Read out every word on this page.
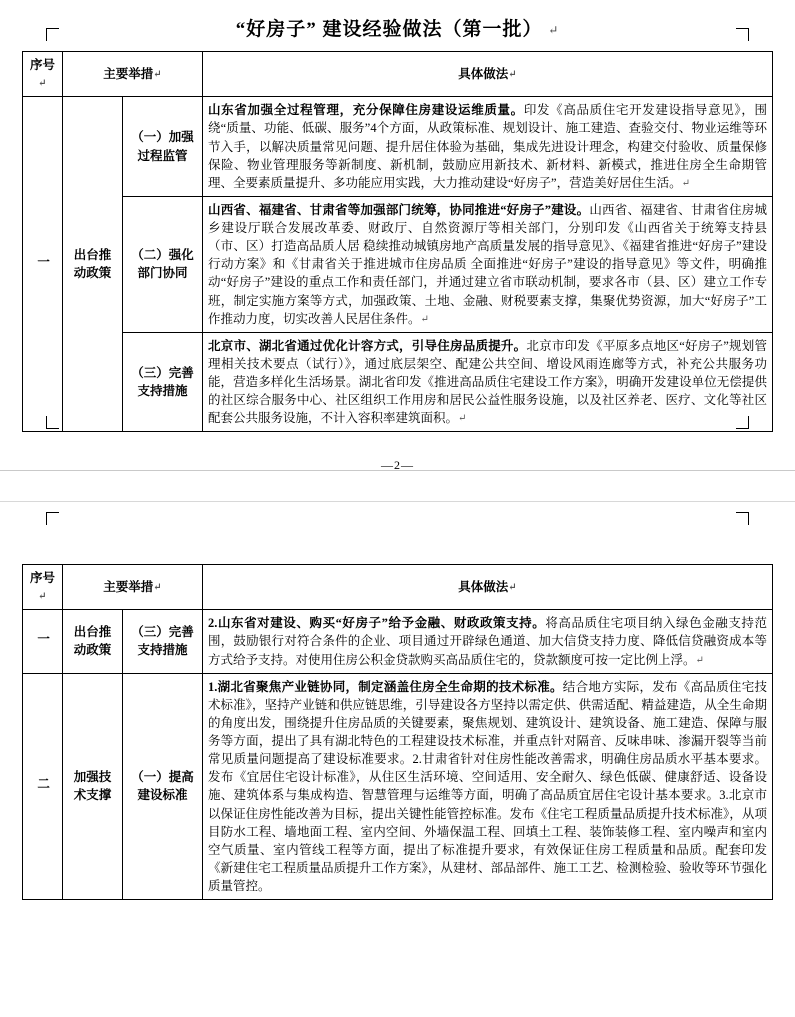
“好房子” 建设经验做法（第一批） ↵
序号↵	主要举措↵		具体做法↵
一	出台推动政策	（一）加强过程监管	山东省加强全过程管理，充分保障住房建设运维质量。印发《高品质住宅开发建设指导意见》，围绕“质量、功能、低碳、服务”4个方面，从政策标准、规划设计、施工建造、查验交付、物业运维等环节入手，以解决质量常见问题、提升居住体验为基础，集成先进设计理念，构建交付验收、质量保修保险、物业管理服务等新制度、新机制，鼓励应用新技术、新材料、新模式，推进住房全生命期管理、全要素质量提升、多功能应用实践，大力推动建设“好房子”，营造美好居住生活。↵
		（二）强化部门协同	山西省、福建省、甘肃省等加强部门统筹，协同推进“好房子”建设。山西省、福建省、甘肃省住房城乡建设厅联合发展改革委、财政厅、自然资源厅等相关部门，分别印发《山西省关于统筹支持县（市、区）打造高品质人居 稳续推动城镇房地产高质量发展的指导意见》、《福建省推进“好房子”建设行动方案》和《甘肃省关于推进城市住房品质 全面推进“好房子”建设的指导意见》等文件，明确推动“好房子”建设的重点工作和责任部门，并通过建立省市联动机制，要求各市（县、区）建立工作专班，制定实施方案等方式，加强政策、土地、金融、财税要素支撑，集聚优势资源，加大“好房子”工作推动力度，切实改善人民居住条件。↵
		（三）完善支持措施	北京市、湖北省通过优化计容方式，引导住房品质提升。北京市印发《平原多点地区“好房子”规划管理相关技术要点（试行）》，通过底层架空、配建公共空间、增设风雨连廊等方式，补充公共服务功能，营造多样化生活场景。湖北省印发《推进高品质住宅建设工作方案》，明确开发建设单位无偿提供的社区综合服务中心、社区组织工作用房和居民公益性服务设施，以及社区养老、医疗、文化等社区配套公共服务设施，不计入容积率建筑面积。↵
—2—
序号↵	主要举措↵		具体做法↵
一	出台推动政策	（三）完善支持措施	2.山东省对建设、购买“好房子”给予金融、财政政策支持。将高品质住宅项目纳入绿色金融支持范围，鼓励银行对符合条件的企业、项目通过开辟绿色通道、加大信贷支持力度、降低信贷融资成本等方式给予支持。对使用住房公积金贷款购买高品质住宅的，贷款额度可按一定比例上浮。↵
二	加强技术支撑	（一）提高建设标准	1.湖北省聚焦产业链协同，制定涵盖住房全生命期的技术标准。结合地方实际，发布《高品质住宅技术标准》，坚持产业链和供应链思维，引导建设各方坚持以需定供、供需适配、精益建造，从全生命期的角度出发，围绕提升住房品质的关键要素，聚焦规划、建筑设计、建筑设备、施工建造、保障与服务等方面，提出了具有湖北特色的工程建设技术标准，并重点针对隔音、反味串味、渗漏开裂等当前常见质量问题提高了建设标准要求。2.甘肃省针对住房性能改善需求，明确住房品质水平基本要求。发布《宜居住宅设计标准》，从住区生活环境、空间适用、安全耐久、绿色低碳、健康舒适、设备设施、建筑体系与集成构造、智慧管理与运维等方面，明确了高品质宜居住宅设计基本要求。3.北京市以保证住房性能改善为目标，提出关键性能管控标准。发布《住宅工程质量品质提升技术标准》，从项目防水工程、墙地面工程、室内空间、外墙保温工程、回填土工程、装饰装修工程、室内噪声和室内空气质量、室内管线工程等方面，提出了标准提升要求，有效保证住房工程质量和品质。配套印发《新建住宅工程质量品质提升工作方案》，从建材、部品部件、施工工艺、检测检验、验收等环节强化质量管控。
